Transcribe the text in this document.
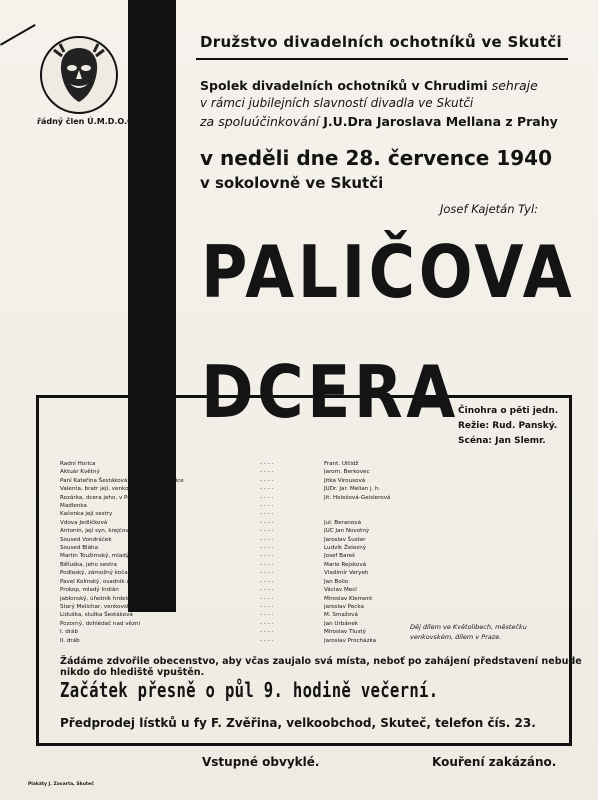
řádný člen Ú.M.D.O.Č.
Družstvo divadelních ochotníků ve Skutči
Spolek divadelních ochotníků v Chrudimi sehraje
v rámci jubilejních slavností divadla ve Skutči
za spoluúčinkování J.U.Dra Jaroslava Mellana z Prahy
v neděli dne 28. července 1940
v sokolovně ve Skutči
Josef Kajetán Tyl:
PALIČOVA
DCERA Činohra o pěti jedn.
Režie: Rud. Panský.
Scéna: Jan Slemr.
Radní Horica	- - - -	Frant. Uttidž
Aktuár Květný	- - - -	Jarom. Berkovec
Paní Kateřina Šestáková, zámožná plátenice	- - - -	Jitka Virousová
Valenta, bratr její, venkovský šumař	- - - -	JUDr. Jar. Mellan j. h.
Rozárka, dcera jeho, v Praze ve službě	- - - -	Jit. Holešová-Geislerová
Madlenka	- - - -
Kačenka její sestry	- - - -
Vdova Jedličková	- - - -	Jul. Beranová
Antonín, její syn, krejčovský tovaryš	- - - -	JUC Jan Novotný
Soused Vondráček	- - - -	Jaroslav Šuster
Soused Bláha	- - - -	Ludvík Železný
Martin Toužimský, mladý řezník	- - - -	Josef Bareš
Běťuška, jeho sestra	- - - -	Marie Rejsková
Podleský, zámožný kočař	- - - -	Vladimír Veryeh
Pavel Kolínský, osadník z Ameriky	- - - -	Jan Bolio
Prokop, mladý Indián	- - - -	Václav Mecl
Jablonský, úředník hrdelního práva	- - - -	Miroslav Klement
Starý Melichar, venkovský hrobník	- - - -	Jaroslav Pecka
Liduška, služka Šestáková	- - - -	M. Smažová
Pozorný, dohlédač nad vězni	- - - -	Jan Urbánek
I. dráb	- - - -	Miroslav Tlustý
II. dráb	- - - -	Jaroslav Procházka
Děj dílem ve Květolibech, městečku venkovském, dílem v Praze.
Žádáme zdvořile obecenstvo, aby včas zaujalo svá místa, neboť po zahájení představení nebude nikdo do hlediště vpuštěn.
Začátek přesně o půl 9. hodině večerní.
Předprodej lístků u fy F. Zvěřina, velkoobchod, Skuteč, telefon čís. 23.
Vstupné obvyklé.	Kouření zakázáno.
Plakáty J. Zavarta, Skuteč
